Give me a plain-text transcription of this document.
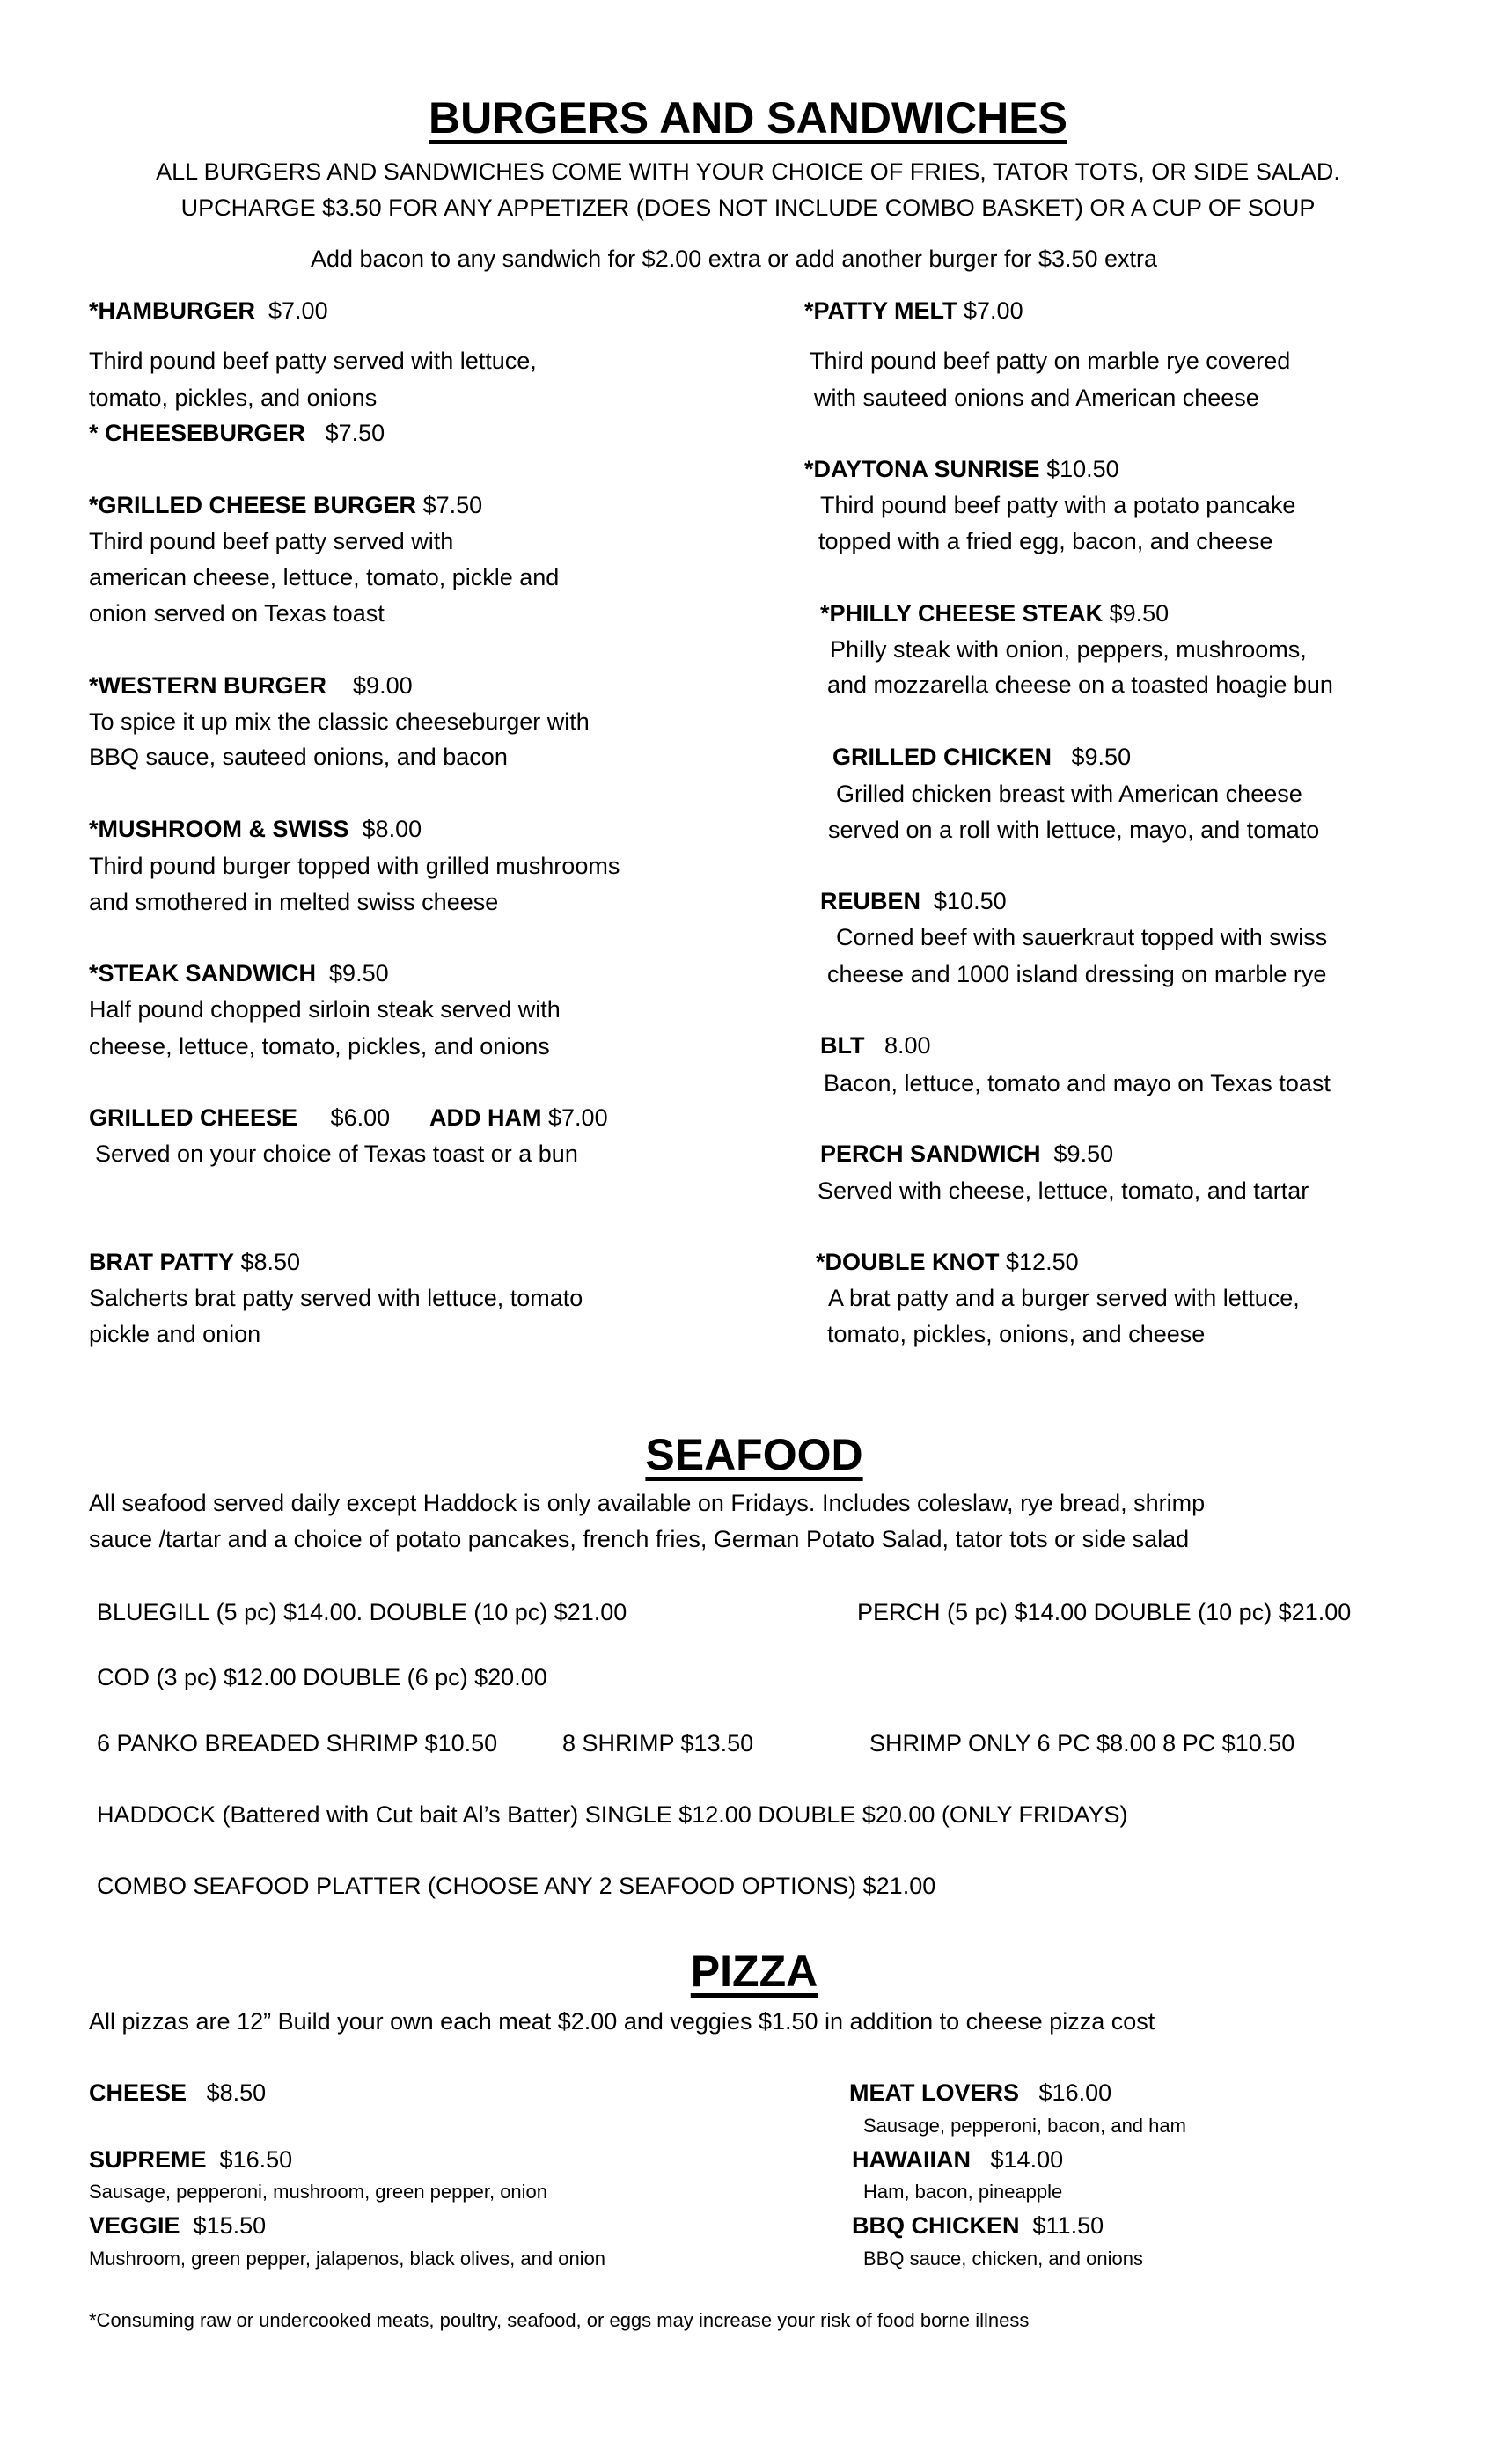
BURGERS AND SANDWICHES
ALL BURGERS AND SANDWICHES COME WITH YOUR CHOICE OF FRIES, TATOR TOTS, OR SIDE SALAD.
UPCHARGE $3.50 FOR ANY APPETIZER (DOES NOT INCLUDE COMBO BASKET) OR A CUP OF SOUP
Add bacon to any sandwich for $2.00 extra or add another burger for $3.50 extra
*HAMBURGER $7.00
Third pound beef patty served with lettuce,
tomato, pickles, and onions
* CHEESEBURGER $7.50
*GRILLED CHEESE BURGER $7.50
Third pound beef patty served with
american cheese, lettuce, tomato, pickle and
onion served on Texas toast
*WESTERN BURGER $9.00
To spice it up mix the classic cheeseburger with
BBQ sauce, sauteed onions, and bacon
*MUSHROOM & SWISS $8.00
Third pound burger topped with grilled mushrooms
and smothered in melted swiss cheese
*STEAK SANDWICH $9.50
Half pound chopped sirloin steak served with
cheese, lettuce, tomato, pickles, and onions
GRILLED CHEESE $6.00 ADD HAM $7.00
Served on your choice of Texas toast or a bun
BRAT PATTY $8.50
Salcherts brat patty served with lettuce, tomato
pickle and onion
*PATTY MELT $7.00
Third pound beef patty on marble rye covered
with sauteed onions and American cheese
*DAYTONA SUNRISE $10.50
Third pound beef patty with a potato pancake
topped with a fried egg, bacon, and cheese
*PHILLY CHEESE STEAK $9.50
Philly steak with onion, peppers, mushrooms,
and mozzarella cheese on a toasted hoagie bun
GRILLED CHICKEN $9.50
Grilled chicken breast with American cheese
served on a roll with lettuce, mayo, and tomato
REUBEN $10.50
Corned beef with sauerkraut topped with swiss
cheese and 1000 island dressing on marble rye
BLT 8.00
Bacon, lettuce, tomato and mayo on Texas toast
PERCH SANDWICH $9.50
Served with cheese, lettuce, tomato, and tartar
*DOUBLE KNOT $12.50
A brat patty and a burger served with lettuce,
tomato, pickles, onions, and cheese
SEAFOOD
All seafood served daily except Haddock is only available on Fridays. Includes coleslaw, rye bread, shrimp
sauce /tartar and a choice of potato pancakes, french fries, German Potato Salad, tator tots or side salad
BLUEGILL (5 pc) $14.00. DOUBLE (10 pc) $21.00	PERCH (5 pc) $14.00 DOUBLE (10 pc) $21.00
COD (3 pc) $12.00 DOUBLE (6 pc) $20.00
6 PANKO BREADED SHRIMP $10.50	8 SHRIMP $13.50	SHRIMP ONLY 6 PC $8.00 8 PC $10.50
HADDOCK (Battered with Cut bait Al’s Batter) SINGLE $12.00 DOUBLE $20.00 (ONLY FRIDAYS)
COMBO SEAFOOD PLATTER (CHOOSE ANY 2 SEAFOOD OPTIONS) $21.00
PIZZA
All pizzas are 12” Build your own each meat $2.00 and veggies $1.50 in addition to cheese pizza cost
CHEESE $8.50	MEAT LOVERS $16.00
Sausage, pepperoni, bacon, and ham
SUPREME $16.50
Sausage, pepperoni, mushroom, green pepper, onion
HAWAIIAN $14.00
Ham, bacon, pineapple
VEGGIE $15.50
Mushroom, green pepper, jalapenos, black olives, and onion
BBQ CHICKEN $11.50
BBQ sauce, chicken, and onions
*Consuming raw or undercooked meats, poultry, seafood, or eggs may increase your risk of food borne illness
